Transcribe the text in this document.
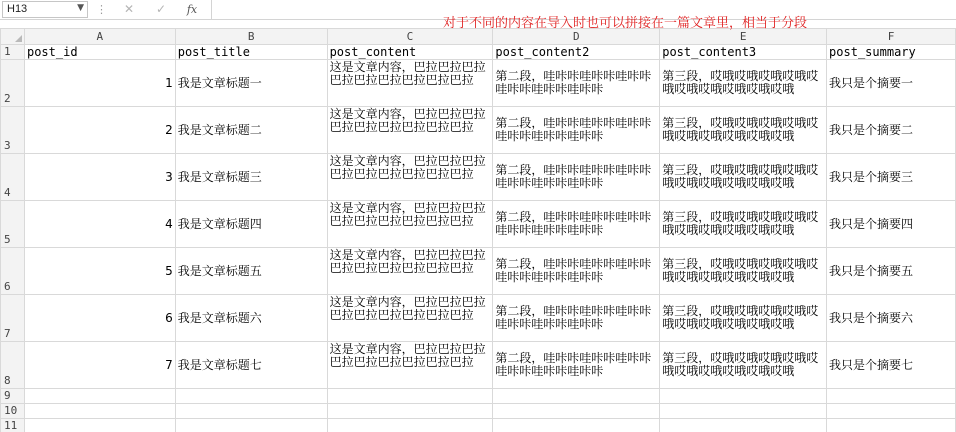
H13	▼ ⋮	✕	✓	fx
对于不同的内容在导入时也可以拼接在一篇文章里，相当于分段
	A	B	C	D	E	F
1	post_id	post_title	post_content	post_content2	post_content3	post_summary
2	1	我是文章标题一	这是文章内容，巴拉巴拉巴拉巴拉巴拉巴拉巴拉巴拉巴拉	第二段，哇咔咔哇咔咔哇咔咔哇咔咔哇咔咔哇咔咔	第三段，哎哦哎哦哎哦哎哦哎哦哎哦哎哦哎哦哎哦哎哦	我只是个摘要一
3	2	我是文章标题二	这是文章内容，巴拉巴拉巴拉巴拉巴拉巴拉巴拉巴拉巴拉	第二段，哇咔咔哇咔咔哇咔咔哇咔咔哇咔咔哇咔咔	第三段，哎哦哎哦哎哦哎哦哎哦哎哦哎哦哎哦哎哦哎哦	我只是个摘要二
4	3	我是文章标题三	这是文章内容，巴拉巴拉巴拉巴拉巴拉巴拉巴拉巴拉巴拉	第二段，哇咔咔哇咔咔哇咔咔哇咔咔哇咔咔哇咔咔	第三段，哎哦哎哦哎哦哎哦哎哦哎哦哎哦哎哦哎哦哎哦	我只是个摘要三
5	4	我是文章标题四	这是文章内容，巴拉巴拉巴拉巴拉巴拉巴拉巴拉巴拉巴拉	第二段，哇咔咔哇咔咔哇咔咔哇咔咔哇咔咔哇咔咔	第三段，哎哦哎哦哎哦哎哦哎哦哎哦哎哦哎哦哎哦哎哦	我只是个摘要四
6	5	我是文章标题五	这是文章内容，巴拉巴拉巴拉巴拉巴拉巴拉巴拉巴拉巴拉	第二段，哇咔咔哇咔咔哇咔咔哇咔咔哇咔咔哇咔咔	第三段，哎哦哎哦哎哦哎哦哎哦哎哦哎哦哎哦哎哦哎哦	我只是个摘要五
7	6	我是文章标题六	这是文章内容，巴拉巴拉巴拉巴拉巴拉巴拉巴拉巴拉巴拉	第二段，哇咔咔哇咔咔哇咔咔哇咔咔哇咔咔哇咔咔	第三段，哎哦哎哦哎哦哎哦哎哦哎哦哎哦哎哦哎哦哎哦	我只是个摘要六
8	7	我是文章标题七	这是文章内容，巴拉巴拉巴拉巴拉巴拉巴拉巴拉巴拉巴拉	第二段，哇咔咔哇咔咔哇咔咔哇咔咔哇咔咔哇咔咔	第三段，哎哦哎哦哎哦哎哦哎哦哎哦哎哦哎哦哎哦哎哦	我只是个摘要七
9						
10						
11						
